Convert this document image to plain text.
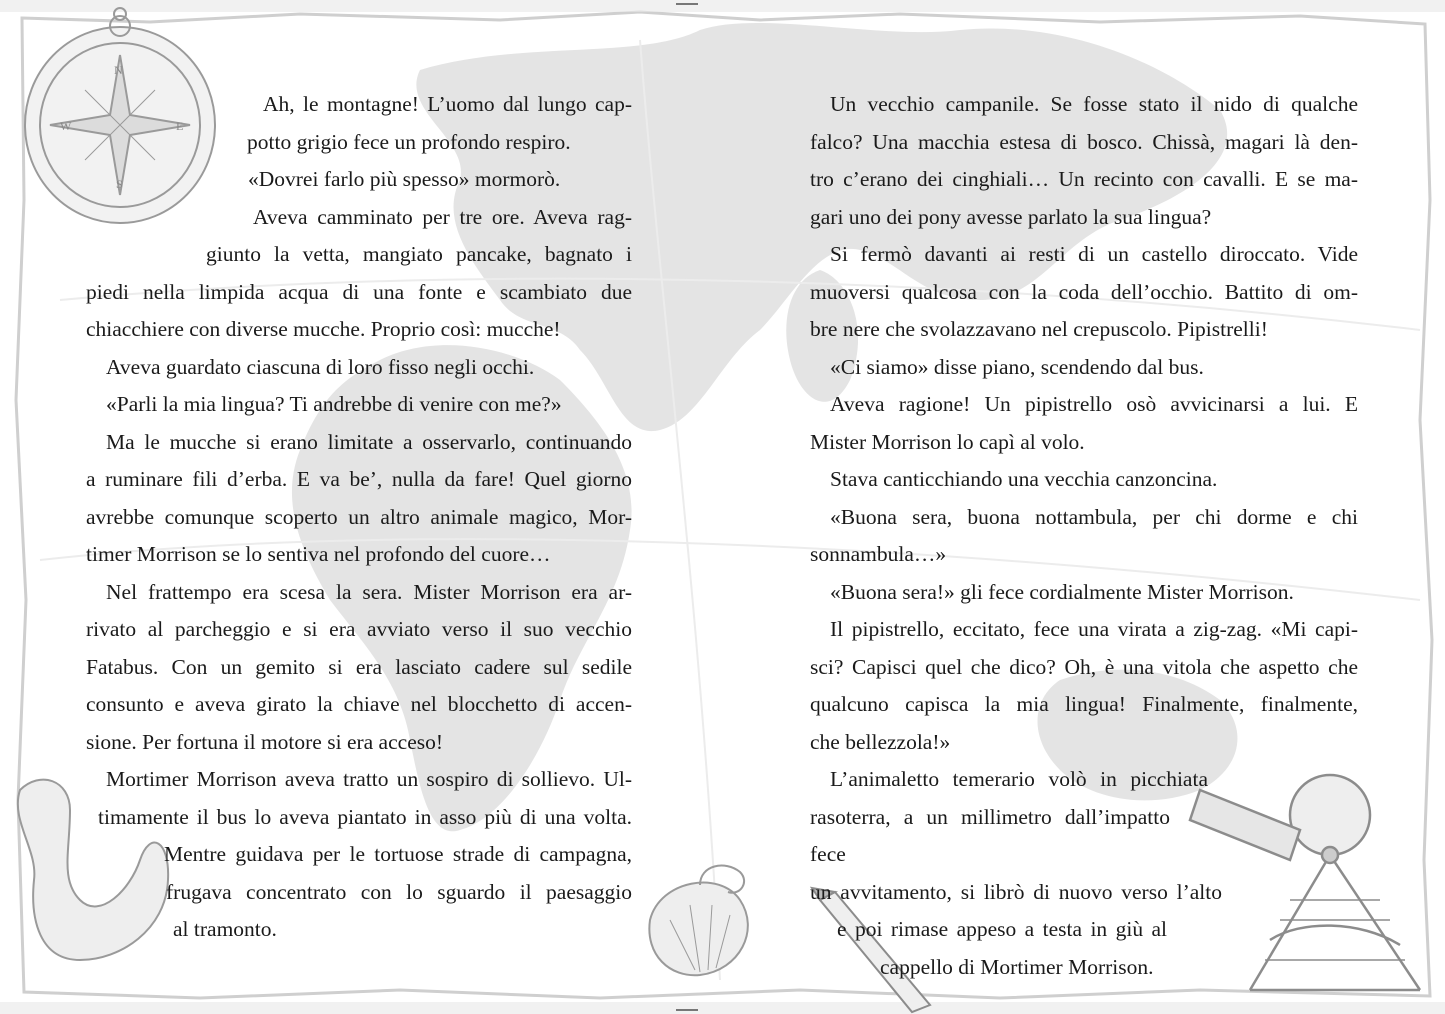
N
S
E
W
Ah, le montagne! L’uomo dal lungo cap-
potto grigio fece un profondo respiro.
«Dovrei farlo più spesso» mormorò.
Aveva camminato per tre ore. Aveva rag-
giunto la vetta, mangiato pancake, bagnato i
piedi nella limpida acqua di una fonte e scambiato due
chiacchiere con diverse mucche. Proprio così: mucche!
Aveva guardato ciascuna di loro fisso negli occhi.
«Parli la mia lingua? Ti andrebbe di venire con me?»
Ma le mucche si erano limitate a osservarlo, continuando
a ruminare fili d’erba. E va be’, nulla da fare! Quel giorno
avrebbe comunque scoperto un altro animale magico, Mor-
timer Morrison se lo sentiva nel profondo del cuore…
Nel frattempo era scesa la sera. Mister Morrison era ar-
rivato al parcheggio e si era avviato verso il suo vecchio
Fatabus. Con un gemito si era lasciato cadere sul sedile
consunto e aveva girato la chiave nel blocchetto di accen-
sione. Per fortuna il motore si era acceso!
Mortimer Morrison aveva tratto un sospiro di sollievo. Ul-
timamente il bus lo aveva piantato in asso più di una volta.
Mentre guidava per le tortuose strade di campagna,
frugava concentrato con lo sguardo il paesaggio
al tramonto.
Un vecchio campanile. Se fosse stato il nido di qualche
falco? Una macchia estesa di bosco. Chissà, magari là den-
tro c’erano dei cinghiali… Un recinto con cavalli. E se ma-
gari uno dei pony avesse parlato la sua lingua?
Si fermò davanti ai resti di un castello diroccato. Vide
muoversi qualcosa con la coda dell’occhio. Battito di om-
bre nere che svolazzavano nel crepuscolo. Pipistrelli!
«Ci siamo» disse piano, scendendo dal bus.
Aveva ragione! Un pipistrello osò avvicinarsi a lui. E
Mister Morrison lo capì al volo.
Stava canticchiando una vecchia canzoncina.
«Buona sera, buona nottambula, per chi dorme e chi
sonnambula…»
«Buona sera!» gli fece cordialmente Mister Morrison.
Il pipistrello, eccitato, fece una virata a zig-zag. «Mi capi-
sci? Capisci quel che dico? Oh, è una vitola che aspetto che
qualcuno capisca la mia lingua! Finalmente, finalmente,
che bellezzola!»
L’animaletto temerario volò in picchiata
rasoterra, a un millimetro dall’impatto fece
un avvitamento, si librò di nuovo verso l’alto
e poi rimase appeso a testa in giù al
cappello di Mortimer Morrison.
